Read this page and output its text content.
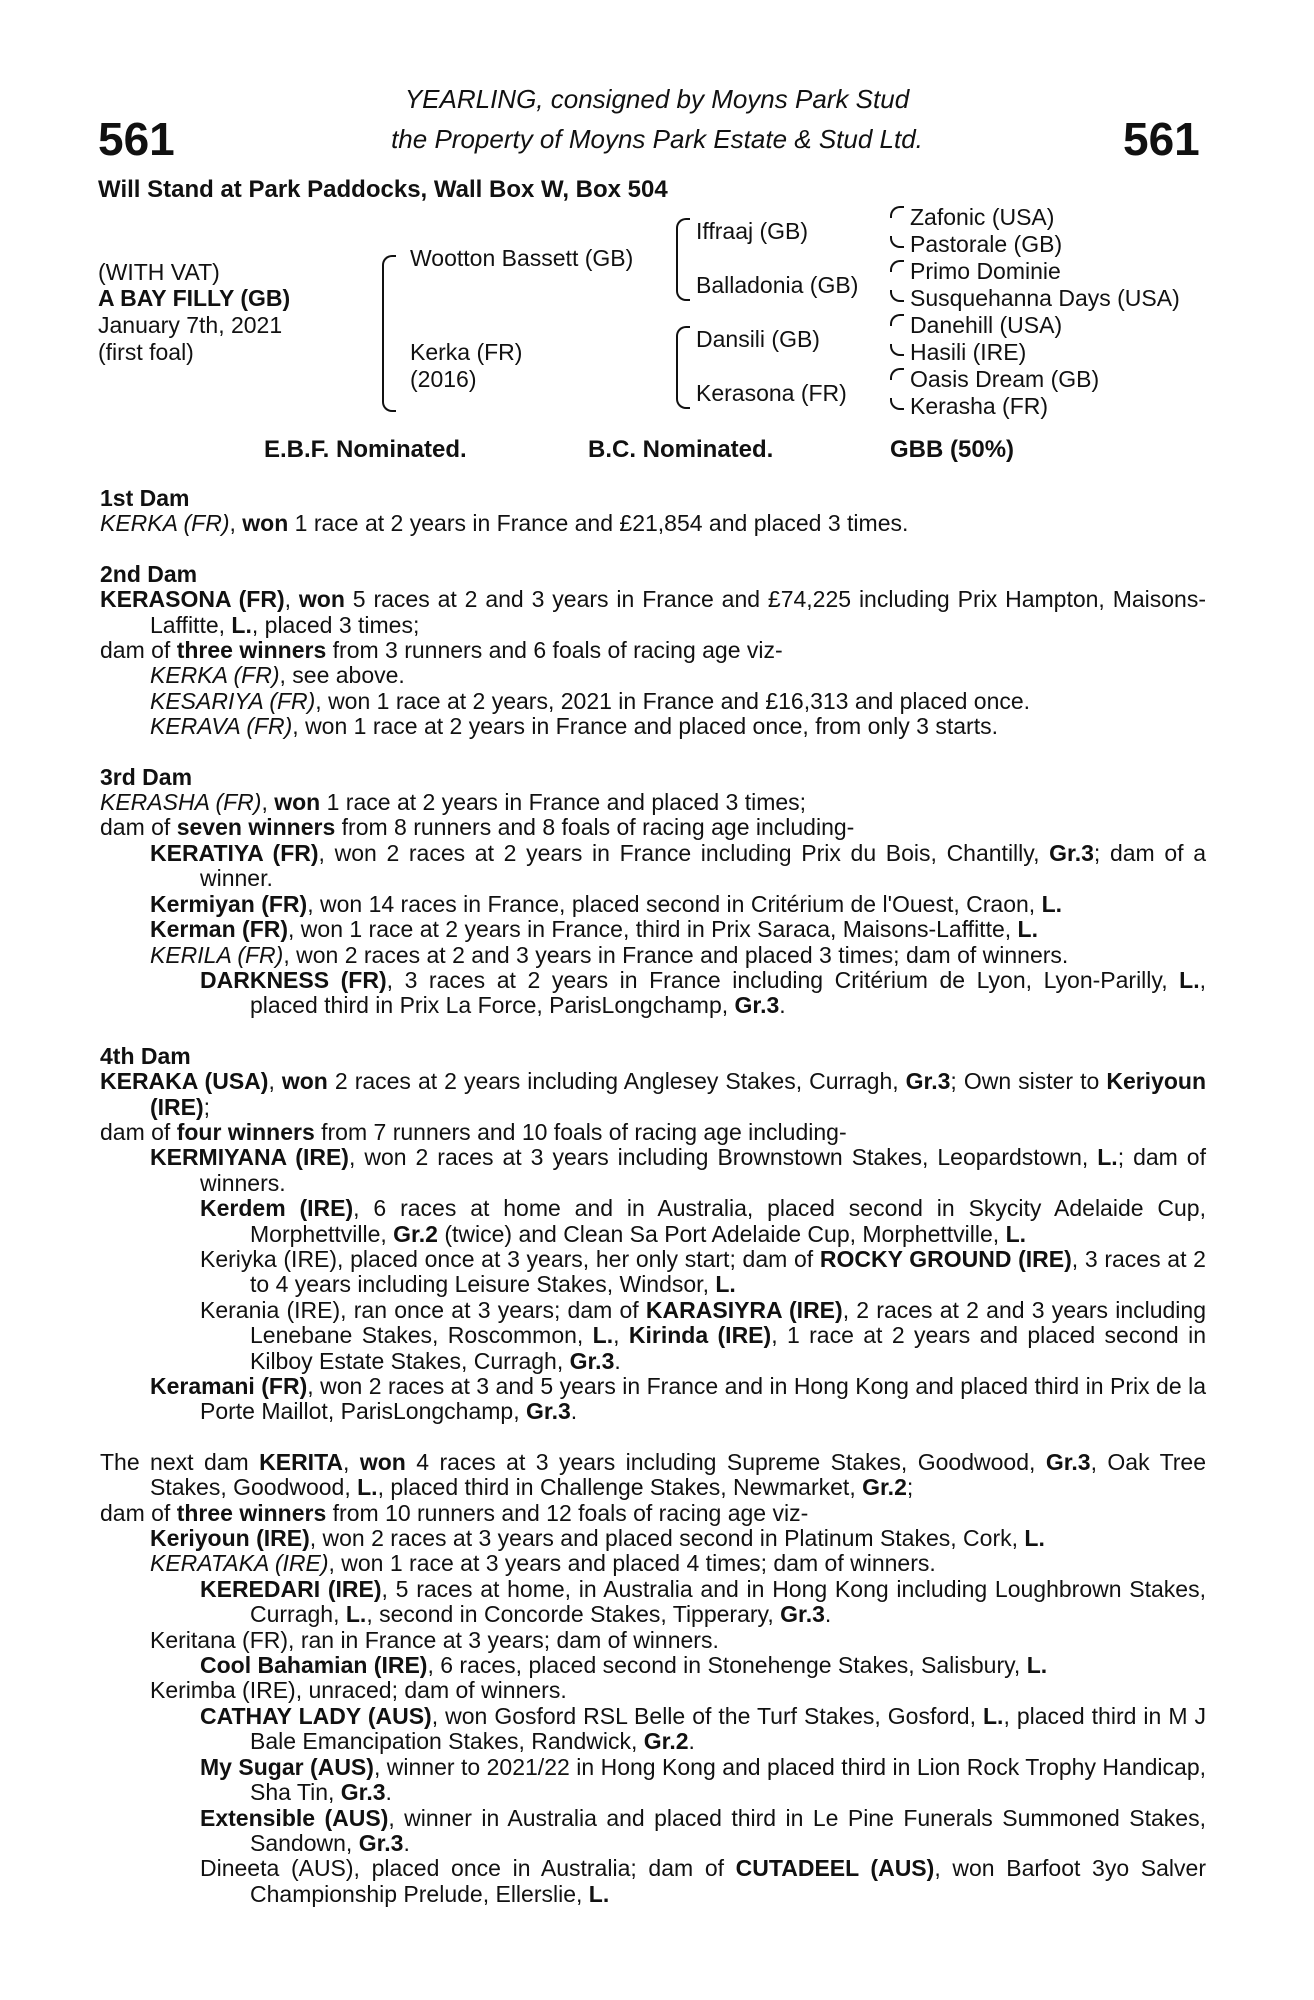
561	561
YEARLING, consigned by Moyns Park Stud
the Property of Moyns Park Estate & Stud Ltd.
Will Stand at Park Paddocks, Wall Box W, Box 504
(WITH VAT)
A BAY FILLY (GB)
January 7th, 2021
(first foal)
Wootton Bassett (GB)
Kerka (FR)
(2016)
Iffraaj (GB)
Balladonia (GB)
Dansili (GB)
Kerasona (FR)
Zafonic (USA)
Pastorale (GB)
Primo Dominie
Susquehanna Days (USA)
Danehill (USA)
Hasili (IRE)
Oasis Dream (GB)
Kerasha (FR)
E.B.F. Nominated.	B.C. Nominated.	GBB (50%)
1st Dam
KERKA (FR), won 1 race at 2 years in France and £21,854 and placed 3 times.
2nd Dam
KERASONA (FR), won 5 races at 2 and 3 years in France and £74,225 including Prix Hampton, Maisons-Laffitte, L., placed 3 times;
dam of three winners from 3 runners and 6 foals of racing age viz-
KERKA (FR), see above.
KESARIYA (FR), won 1 race at 2 years, 2021 in France and £16,313 and placed once.
KERAVA (FR), won 1 race at 2 years in France and placed once, from only 3 starts.
3rd Dam
KERASHA (FR), won 1 race at 2 years in France and placed 3 times;
dam of seven winners from 8 runners and 8 foals of racing age including-
KERATIYA (FR), won 2 races at 2 years in France including Prix du Bois, Chantilly, Gr.3; dam of a winner.
Kermiyan (FR), won 14 races in France, placed second in Critérium de l'Ouest, Craon, L.
Kerman (FR), won 1 race at 2 years in France, third in Prix Saraca, Maisons-Laffitte, L.
KERILA (FR), won 2 races at 2 and 3 years in France and placed 3 times; dam of winners.
DARKNESS (FR), 3 races at 2 years in France including Critérium de Lyon, Lyon-Parilly, L., placed third in Prix La Force, ParisLongchamp, Gr.3.
4th Dam
KERAKA (USA), won 2 races at 2 years including Anglesey Stakes, Curragh, Gr.3; Own sister to Keriyoun (IRE);
dam of four winners from 7 runners and 10 foals of racing age including-
KERMIYANA (IRE), won 2 races at 3 years including Brownstown Stakes, Leopardstown, L.; dam of winners.
Kerdem (IRE), 6 races at home and in Australia, placed second in Skycity Adelaide Cup, Morphettville, Gr.2 (twice) and Clean Sa Port Adelaide Cup, Morphettville, L.
Keriyka (IRE), placed once at 3 years, her only start; dam of ROCKY GROUND (IRE), 3 races at 2 to 4 years including Leisure Stakes, Windsor, L.
Kerania (IRE), ran once at 3 years; dam of KARASIYRA (IRE), 2 races at 2 and 3 years including Lenebane Stakes, Roscommon, L., Kirinda (IRE), 1 race at 2 years and placed second in Kilboy Estate Stakes, Curragh, Gr.3.
Keramani (FR), won 2 races at 3 and 5 years in France and in Hong Kong and placed third in Prix de la Porte Maillot, ParisLongchamp, Gr.3.
The next dam KERITA, won 4 races at 3 years including Supreme Stakes, Goodwood, Gr.3, Oak Tree Stakes, Goodwood, L., placed third in Challenge Stakes, Newmarket, Gr.2;
dam of three winners from 10 runners and 12 foals of racing age viz-
Keriyoun (IRE), won 2 races at 3 years and placed second in Platinum Stakes, Cork, L.
KERATAKA (IRE), won 1 race at 3 years and placed 4 times; dam of winners.
KEREDARI (IRE), 5 races at home, in Australia and in Hong Kong including Loughbrown Stakes, Curragh, L., second in Concorde Stakes, Tipperary, Gr.3.
Keritana (FR), ran in France at 3 years; dam of winners.
Cool Bahamian (IRE), 6 races, placed second in Stonehenge Stakes, Salisbury, L.
Kerimba (IRE), unraced; dam of winners.
CATHAY LADY (AUS), won Gosford RSL Belle of the Turf Stakes, Gosford, L., placed third in M J Bale Emancipation Stakes, Randwick, Gr.2.
My Sugar (AUS), winner to 2021/22 in Hong Kong and placed third in Lion Rock Trophy Handicap, Sha Tin, Gr.3.
Extensible (AUS), winner in Australia and placed third in Le Pine Funerals Summoned Stakes, Sandown, Gr.3.
Dineeta (AUS), placed once in Australia; dam of CUTADEEL (AUS), won Barfoot 3yo Salver Championship Prelude, Ellerslie, L.
